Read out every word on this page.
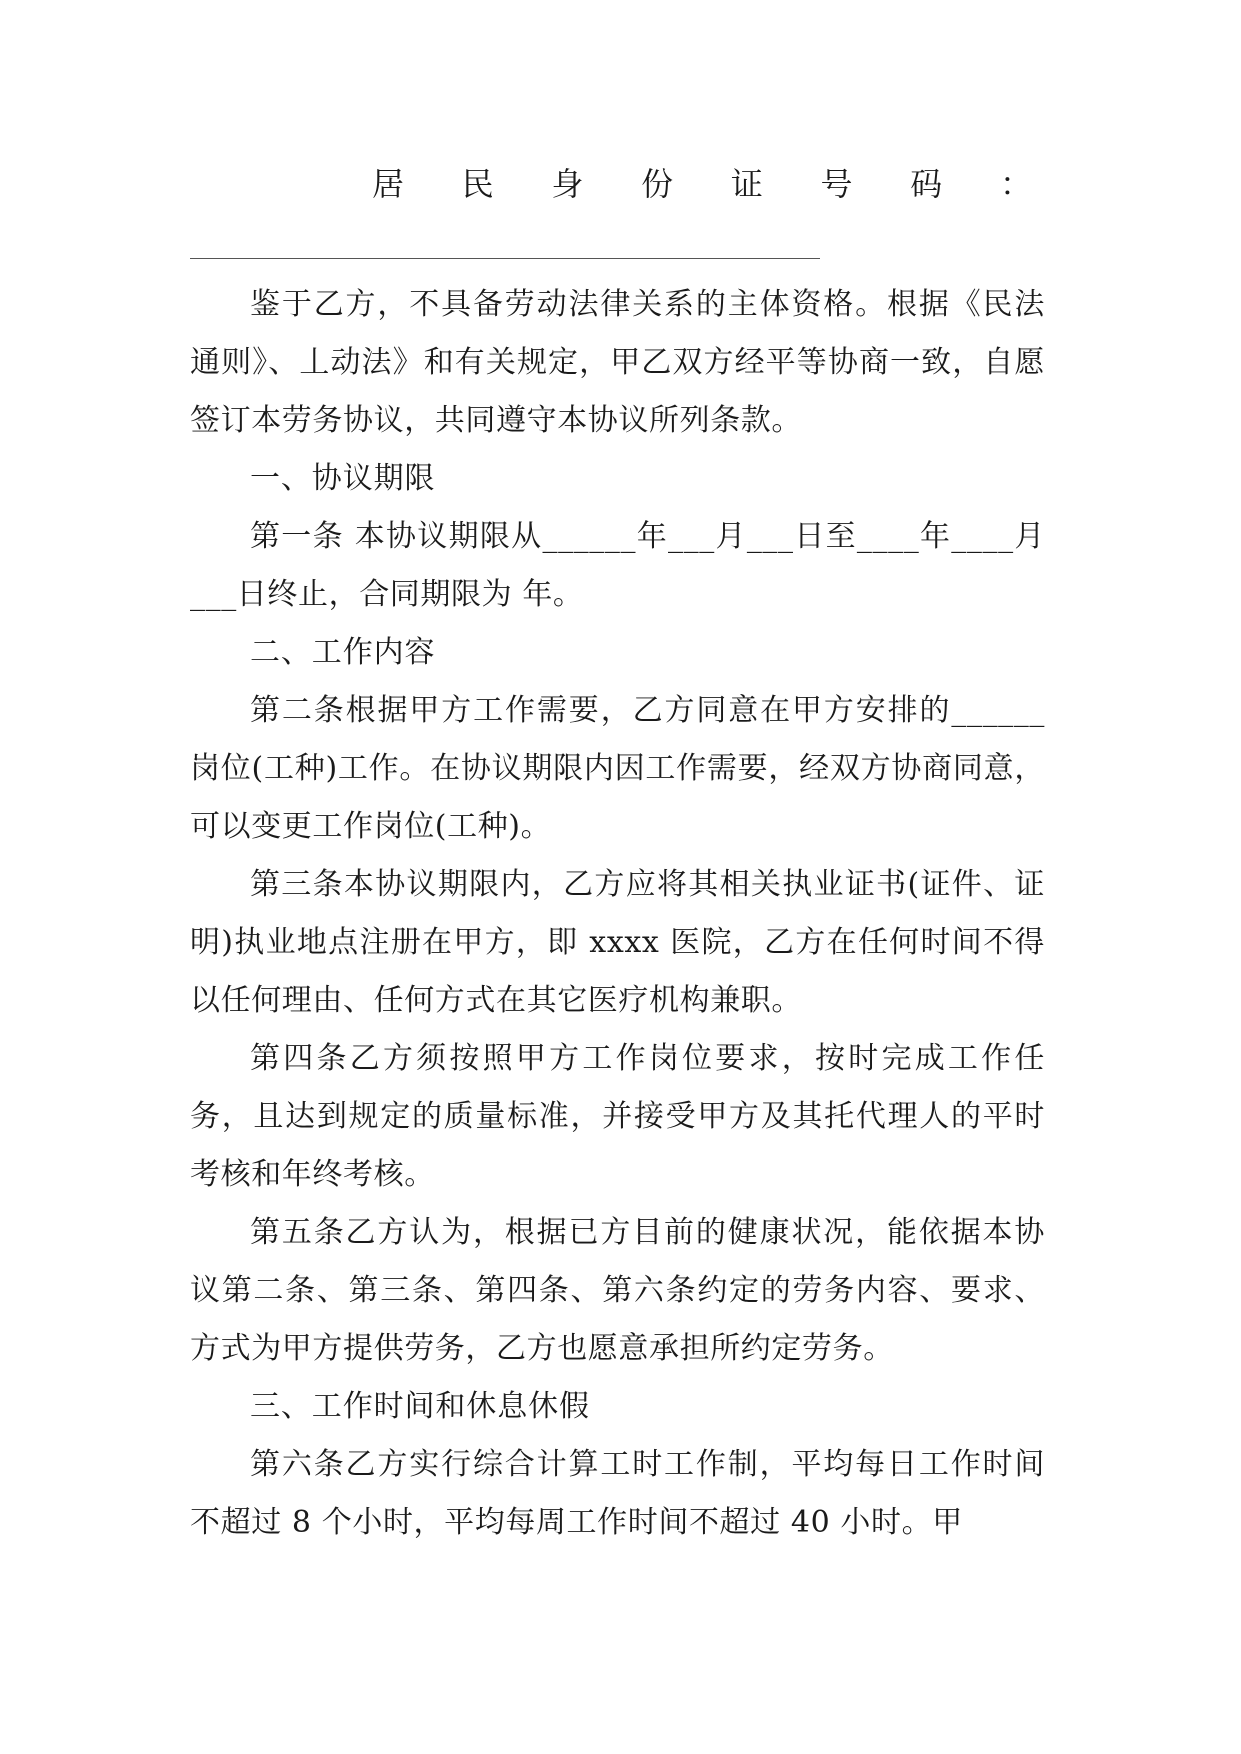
居　民　身　份　证　号　码　：

鉴于乙方，不具备劳动法律关系的主体资格。根据《民法通则》、丄动法》和有关规定，甲乙双方经平等协商一致，自愿签订本劳务协议，共同遵守本协议所列条款。

一、协议期限

第一条 本协议期限从______年___月___日至____年____月___日终止，合同期限为 年。

二、工作内容

第二条根据甲方工作需要，乙方同意在甲方安排的______岗位(工种)工作。在协议期限内因工作需要，经双方协商同意，可以变更工作岗位(工种)。

第三条本协议期限内，乙方应将其相关执业证书(证件、证明)执业地点注册在甲方，即 xxxx 医院，乙方在任何时间不得以任何理由、任何方式在其它医疗机构兼职。

第四条乙方须按照甲方工作岗位要求，按时完成工作任务，且达到规定的质量标准，并接受甲方及其托代理人的平时考核和年终考核。

第五条乙方认为，根据已方目前的健康状况，能依据本协议第二条、第三条、第四条、第六条约定的劳务内容、要求、方式为甲方提供劳务，乙方也愿意承担所约定劳务。

三、工作时间和休息休假

第六条乙方实行综合计算工时工作制，平均每日工作时间不超过 8 个小时，平均每周工作时间不超过 40 小时。甲
